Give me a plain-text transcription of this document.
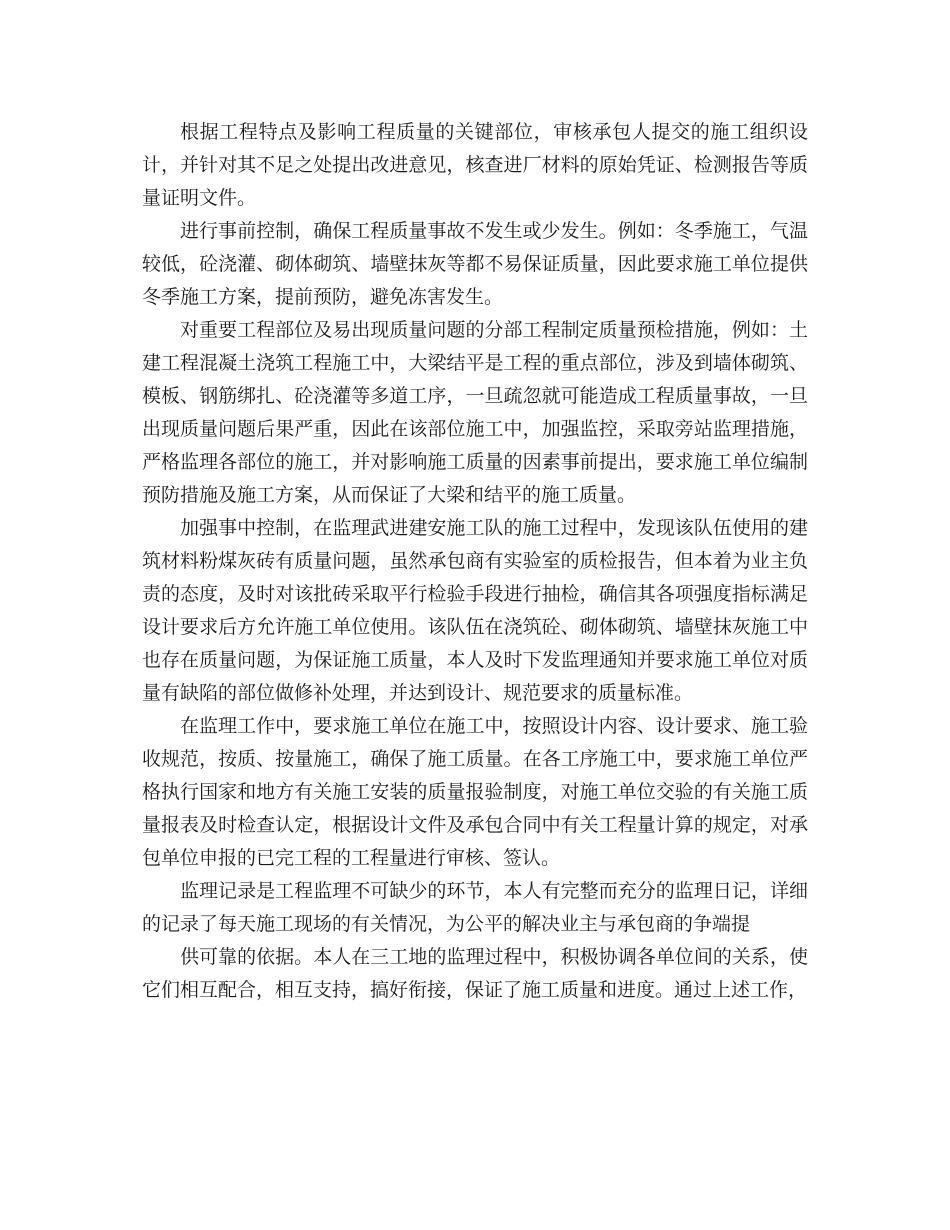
根据工程特点及影响工程质量的关键部位，审核承包人提交的施工组织设计，并针对其不足之处提出改进意见，核查进厂材料的原始凭证、检测报告等质量证明文件。

进行事前控制，确保工程质量事故不发生或少发生。例如：冬季施工，气温较低，砼浇灌、砌体砌筑、墙壁抹灰等都不易保证质量，因此要求施工单位提供冬季施工方案，提前预防，避免冻害发生。

对重要工程部位及易出现质量问题的分部工程制定质量预检措施，例如：土建工程混凝土浇筑工程施工中，大梁结平是工程的重点部位，涉及到墙体砌筑、模板、钢筋绑扎、砼浇灌等多道工序，一旦疏忽就可能造成工程质量事故，一旦出现质量问题后果严重，因此在该部位施工中，加强监控，采取旁站监理措施，严格监理各部位的施工，并对影响施工质量的因素事前提出，要求施工单位编制预防措施及施工方案，从而保证了大梁和结平的施工质量。

加强事中控制，在监理武进建安施工队的施工过程中，发现该队伍使用的建筑材料粉煤灰砖有质量问题，虽然承包商有实验室的质检报告，但本着为业主负责的态度，及时对该批砖采取平行检验手段进行抽检，确信其各项强度指标满足设计要求后方允许施工单位使用。该队伍在浇筑砼、砌体砌筑、墙壁抹灰施工中也存在质量问题，为保证施工质量，本人及时下发监理通知并要求施工单位对质量有缺陷的部位做修补处理，并达到设计、规范要求的质量标准。

在监理工作中，要求施工单位在施工中，按照设计内容、设计要求、施工验收规范，按质、按量施工，确保了施工质量。在各工序施工中，要求施工单位严格执行国家和地方有关施工安装的质量报验制度，对施工单位交验的有关施工质量报表及时检查认定，根据设计文件及承包合同中有关工程量计算的规定，对承包单位申报的已完工程的工程量进行审核、签认。

监理记录是工程监理不可缺少的环节，本人有完整而充分的监理日记，详细的记录了每天施工现场的有关情况，为公平的解决业主与承包商的争端提

供可靠的依据。本人在三工地的监理过程中，积极协调各单位间的关系，使它们相互配合，相互支持，搞好衔接，保证了施工质量和进度。通过上述工作，
